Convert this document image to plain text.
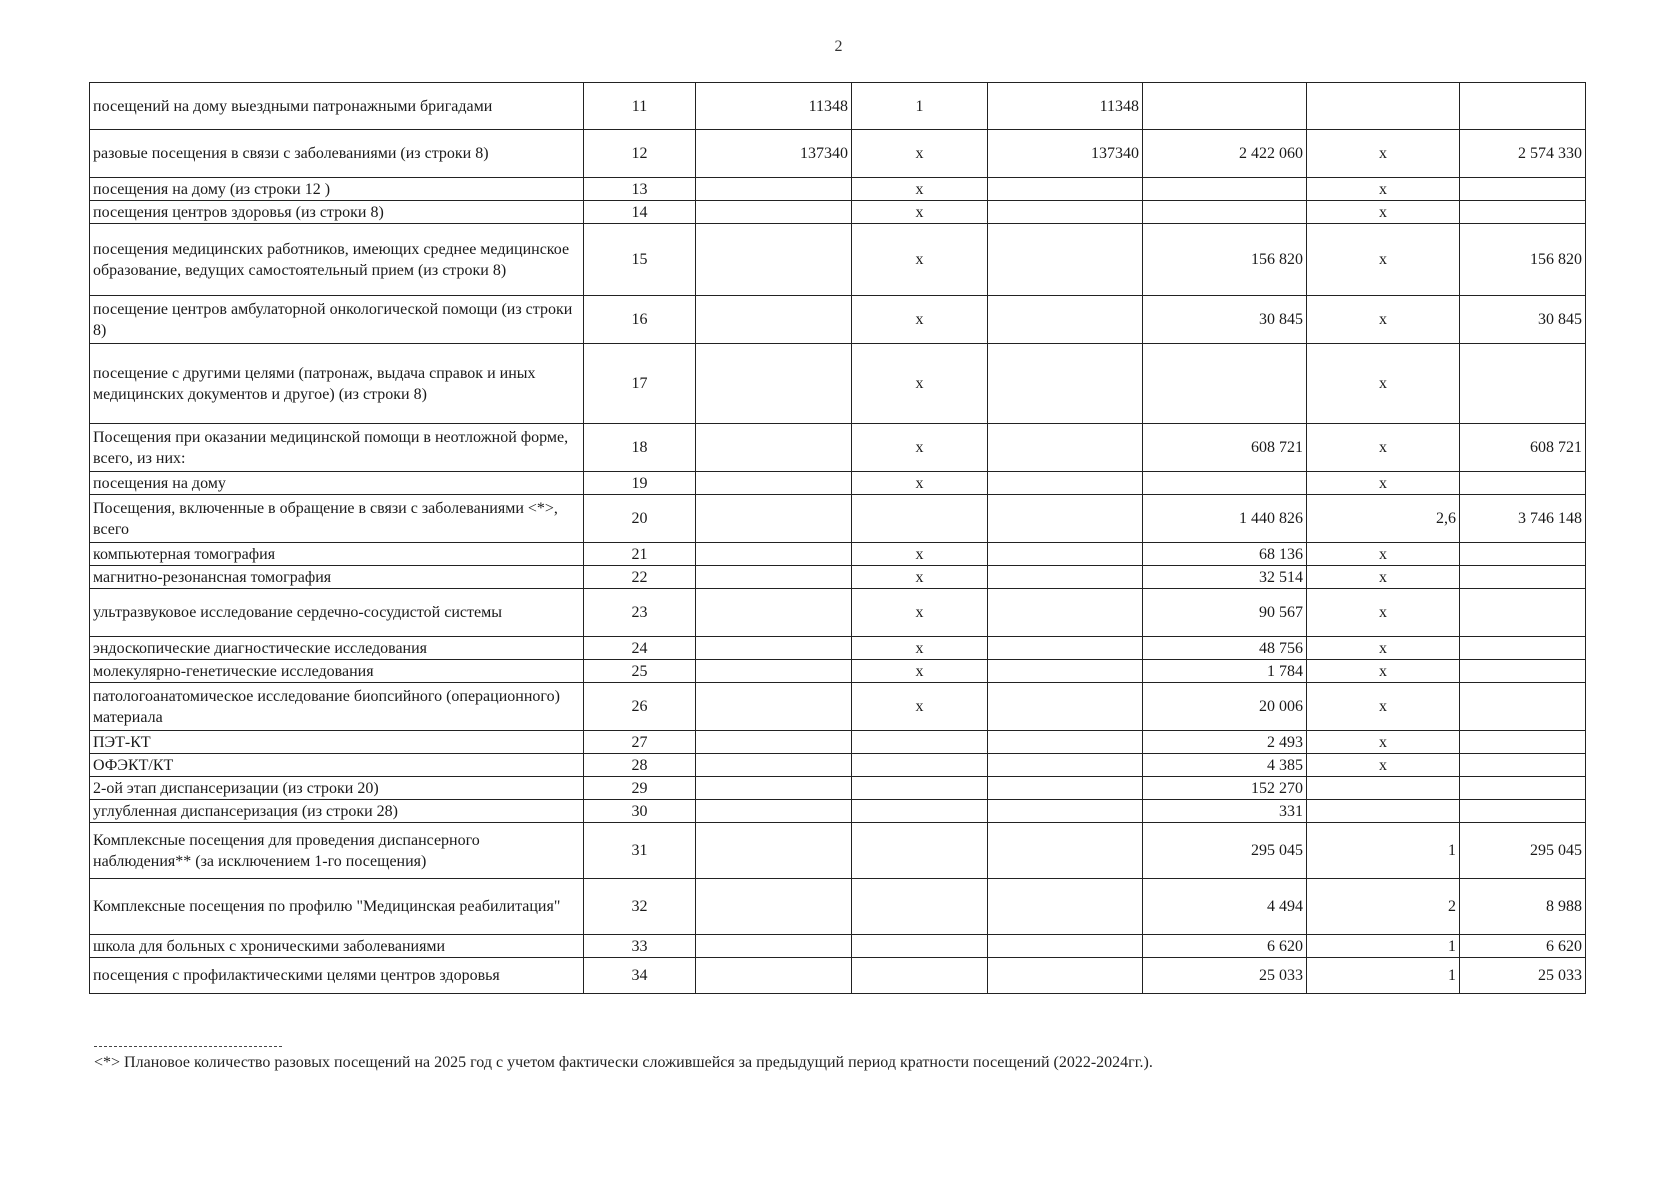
2
посещений на дому выездными патронажными бригадами	11	11348	1	11348			
разовые посещения в связи с заболеваниями (из строки 8)	12	137340	х	137340	2 422 060	х	2 574 330
посещения на дому (из строки 12 )	13		х			х	
посещения центров здоровья (из строки 8)	14		х			х	
посещения медицинских работников, имеющих среднее медицинское образование, ведущих самостоятельный прием (из строки 8)	15		х		156 820	х	156 820
посещение центров амбулаторной онкологической помощи (из строки 8)	16		х		30 845	х	30 845
посещение с другими целями (патронаж, выдача справок и иных медицинских документов и другое) (из строки 8)	17		х			х	
Посещения при оказании медицинской помощи в неотложной форме, всего, из них:	18		х		608 721	х	608 721
посещения на дому	19		х			х	
Посещения, включенные в обращение в связи с заболеваниями <*>, всего	20				1 440 826	2,6	3 746 148
компьютерная томография	21		х		68 136	х	
магнитно-резонансная томография	22		х		32 514	х	
ультразвуковое исследование сердечно-сосудистой системы	23		х		90 567	х	
эндоскопические диагностические исследования	24		х		48 756	х	
молекулярно-генетические исследования	25		х		1 784	х	
патологоанатомическое исследование биопсийного (операционного) материала	26		х		20 006	х	
ПЭТ-КТ	27				2 493	х	
ОФЭКТ/КТ	28				4 385	х	
2-ой этап диспансеризации (из строки 20)	29				152 270		
углубленная диспансеризация (из строки 28)	30				331		
Комплексные посещения для проведения диспансерного наблюдения** (за исключением 1-го посещения)	31				295 045	1	295 045
Комплексные посещения по профилю "Медицинская реабилитация"	32				4 494	2	8 988
школа для больных с хроническими заболеваниями	33				6 620	1	6 620
посещения с профилактическими целями центров здоровья	34				25 033	1	25 033
<*> Плановое количество разовых посещений на 2025 год с учетом фактически сложившейся за предыдущий период кратности посещений (2022-2024гг.).
